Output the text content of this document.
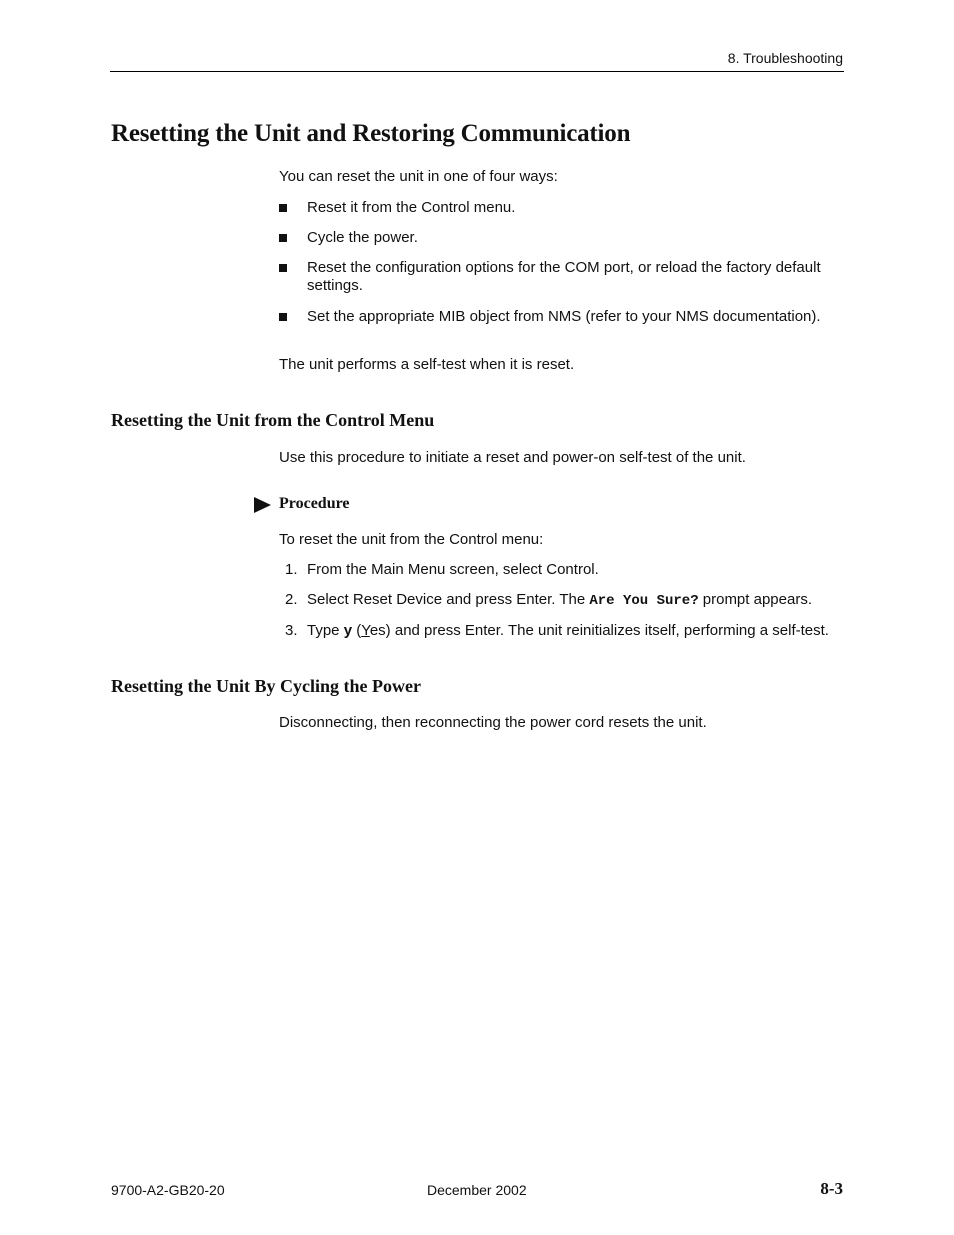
8. Troubleshooting
Resetting the Unit and Restoring Communication
You can reset the unit in one of four ways:
Reset it from the Control menu.
Cycle the power.
Reset the configuration options for the COM port, or reload the factory default settings.
Set the appropriate MIB object from NMS (refer to your NMS documentation).
The unit performs a self-test when it is reset.
Resetting the Unit from the Control Menu
Use this procedure to initiate a reset and power-on self-test of the unit.
Procedure
To reset the unit from the Control menu:
1. From the Main Menu screen, select Control.
2. Select Reset Device and press Enter. The Are You Sure? prompt appears.
3. Type y (Yes) and press Enter. The unit reinitializes itself, performing a self-test.
Resetting the Unit By Cycling the Power
Disconnecting, then reconnecting the power cord resets the unit.
9700-A2-GB20-20	December 2002	8-3
